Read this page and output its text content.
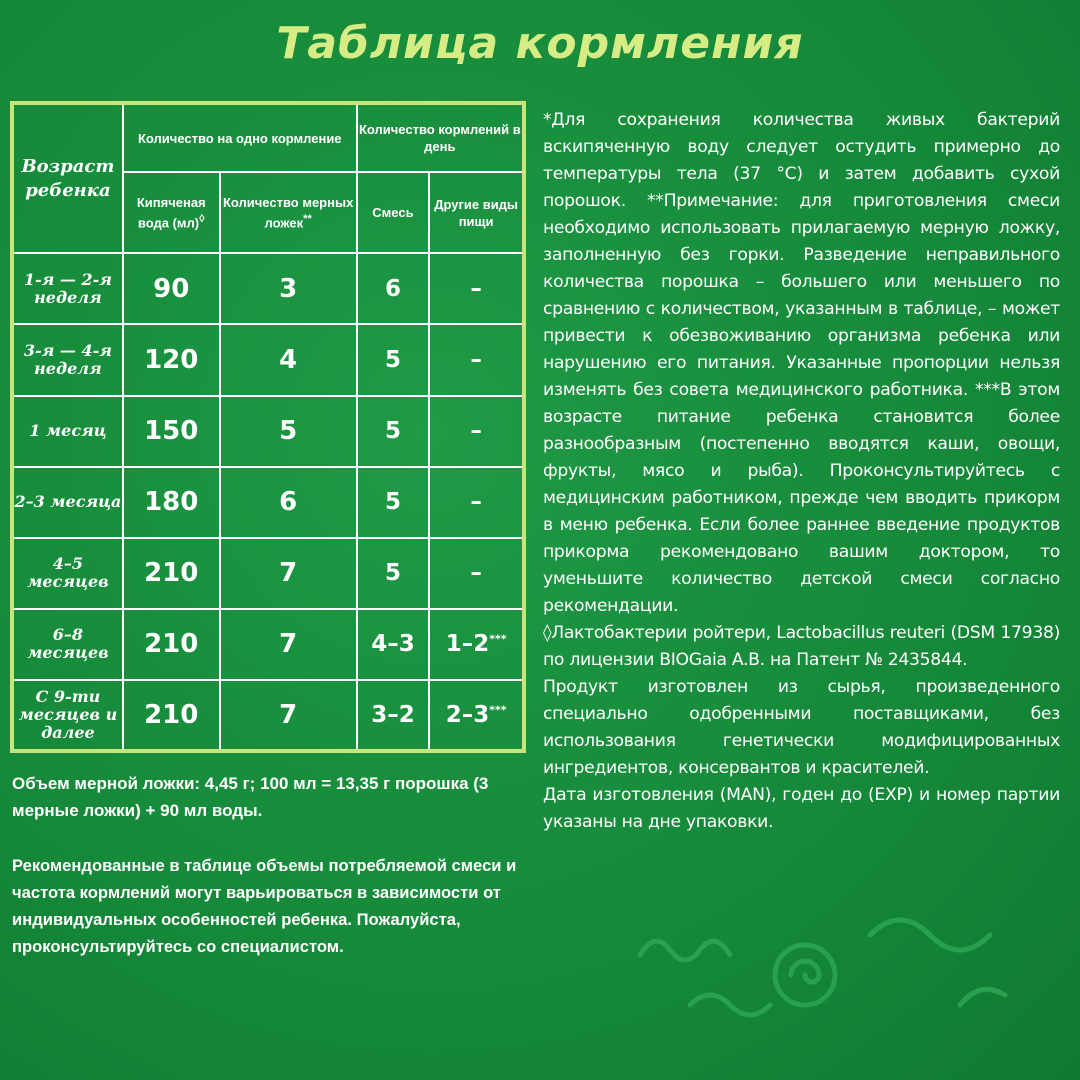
Таблица кормления
Возраст ребенка	Количество на одно кормление		Количество кормлений в день	
	Кипяченая вода (мл)◊	Количество мерных ложек**	Смесь	Другие виды пищи
1-я — 2-я неделя	90	3	6	–
3-я — 4-я неделя	120	4	5	–
1 месяц	150	5	5	–
2–3 месяца	180	6	5	–
4–5 месяцев	210	7	5	–
6–8 месяцев	210	7	4–3	1–2***
С 9-ти месяцев и далее	210	7	3–2	2–3***
Объем мерной ложки: 4,45 г; 100 мл = 13,35 г порошка (3 мерные ложки) + 90 мл воды.
Рекомендованные в таблице объемы потребляемой смеси и частота кормлений могут варьироваться в зависимости от индивидуальных особенностей ребенка. Пожалуйста, проконсультируйтесь со специалистом.

*Для сохранения количества живых бактерий вскипяченную воду следует остудить примерно до температуры тела (37 °С) и затем добавить сухой порошок. **Примечание: для приготовления смеси необходимо использовать прилагаемую мерную ложку, заполненную без горки. Разведение неправильного количества порошка – большего или меньшего по сравнению с количеством, указанным в таблице, – может привести к обезвоживанию организма ребенка или нарушению его питания. Указанные пропорции нельзя изменять без совета медицинского работника. ***В этом возрасте питание ребенка становится более разнообразным (постепенно вводятся каши, овощи, фрукты, мясо и рыба). Проконсультируйтесь с медицинским работником, прежде чем вводить прикорм в меню ребенка. Если более раннее введение продуктов прикорма рекомендовано вашим доктором, то уменьшите количество детской смеси согласно рекомендации.

◊Лактобактерии ройтери, Lactobacillus reuteri (DSM 17938) по лицензии BIOGaia A.B. на Патент № 2435844.

Продукт изготовлен из сырья, произведенного специально одобренными поставщиками, без использования генетически модифицированных ингредиентов, консервантов и красителей.

Дата изготовления (MAN), годен до (EXP) и номер партии указаны на дне упаковки.
